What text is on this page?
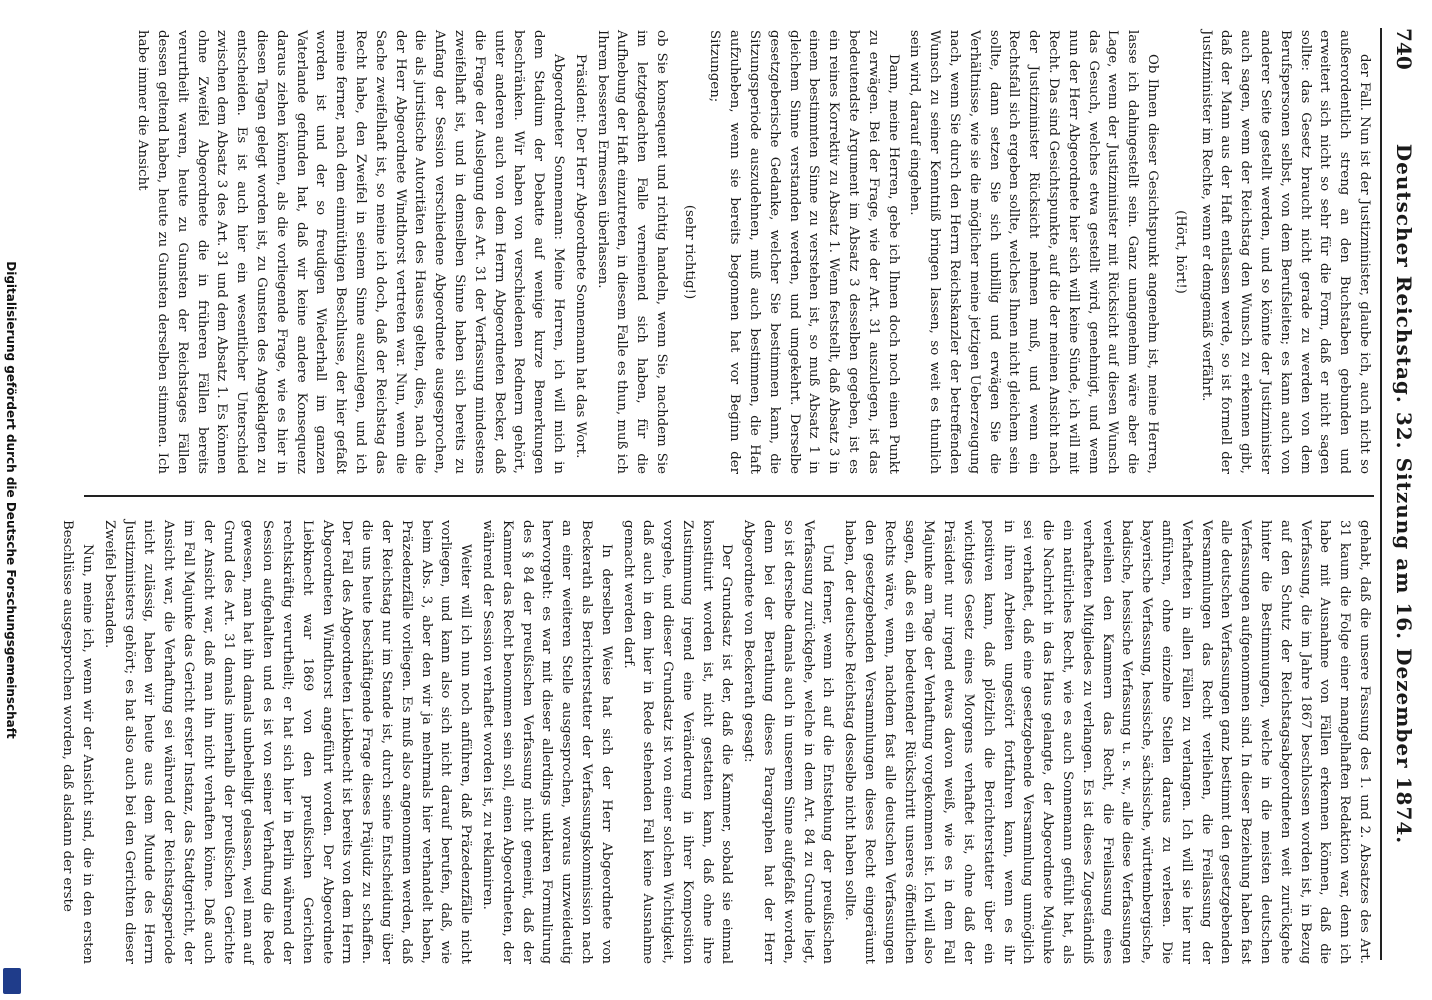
740
Deutscher Reichstag. 32. Sitzung am 16. Dezember 1874.

der Fall. Nun ist der Justizminister, glaube ich, auch nicht so außerordentlich streng an den Buchstaben gebunden und erweitert sich nicht so sehr für die Form, daß er nicht sagen sollte: das Gesetz braucht nicht gerade zu werden von dem Berufspersonen selbst, von dem Berufsleiten; es kann auch von anderer Seite gestellt werden, und so könnte der Justizminister auch sagen, wenn der Reichstag den Wunsch zu erkennen gibt, daß der Mann aus der Haft entlassen werde, so ist formell der Justizminister im Rechte, wenn er demgemäß verfährt.

(Hört, hört!)

Ob Ihnen dieser Gesichtspunkt angenehm ist, meine Herren, lasse ich dahingestellt sein. Ganz unangenehm wäre aber die Lage, wenn der Justizminister mit Rücksicht auf diesen Wunsch das Gesuch, welches etwa gestellt wird, genehmigt, und wenn nun der Herr Abgeordnete hier sich will keine Sünde, ich will mit Recht. Das sind Gesichtspunkte, auf die der meinen Ansicht nach der Justizminister Rücksicht nehmen muß, und wenn ein Rechtsfall sich ergeben sollte, welches Ihnen nicht gleichem sein sollte, dann setzen Sie sich unbillig und erwägen Sie die Verhältnisse, wie sie die möglicher meine jetzigen Ueberzeugung nach, wenn Sie durch den Herrn Reichskanzler der betreffenden Wunsch zu seiner Kenntniß bringen lassen, so weit es thunlich sein wird, darauf eingehen.

Dann, meine Herren, gebe ich Ihnen doch noch einen Punkt zu erwägen. Bei der Frage, wie der Art. 31 auszulegen, ist das bedeutendste Argument im Absatz 3 desselben gegeben, ist es ein reines Korrektiv zu Absatz 1. Wenn feststellt, daß Absatz 3 in einem bestimmten Sinne zu verstehen ist, so muß Absatz 1 in gleichem Sinne verstanden werden, und umgekehrt. Derselbe gesetzgeberische Gedanke, welcher Sie bestimmen kann, die Sitzungsperiode auszudehnen, muß auch bestimmen, die Haft aufzuheben, wenn sie bereits begonnen hat vor Beginn der Sitzungen;

(sehr richtig!)

ob Sie konsequent und richtig handeln, wenn Sie, nachdem Sie im letztgedachten Falle verneinend sich haben, für die Aufhebung der Haft einzutreten, in diesem Falle es thun, muß ich Ihrem besseren Ermessen überlassen.

Präsident: Der Herr Abgeordnete Sonnemann hat das Wort.

Abgeordneter Sonnemann: Meine Herren, ich will mich in dem Stadium der Debatte auf wenige kurze Bemerkungen beschränken. Wir haben von verschiedenen Rednern gehört, unter anderen auch von dem Herrn Abgeordneten Becker, daß die Frage der Auslegung des Art. 31 der Verfassung mindestens zweifelhaft ist, und in demselben Sinne haben sich bereits zu Anfang der Session verschiedene Abgeordnete ausgesprochen, die als juristische Autoritäten des Hauses gelten, dies, nach die der Herr Abgeordnete Windthorst vertreten war. Nun, wenn die Sache zweifelhaft ist, so meine ich doch, daß der Reichstag das Recht habe, den Zweifel in seinem Sinne auszulegen, und ich meine ferner, nach dem einmüthigen Beschlusse, der hier gefaßt worden ist und der so freudigen Wiederhall im ganzen Vaterlande gefunden hat, daß wir keine andere Konsequenz daraus ziehen können, als die vorliegende Frage, wie es hier in diesen Tagen gelegt worden ist, zu Gunsten des Angeklagten zu entscheiden. Es ist auch hier ein wesentlicher Unterschied zwischen dem Absatz 3 des Art. 31 und dem Absatz 1. Es können ohne Zweifel Abgeordnete die in früheren Fällen bereits verurtheilt waren, heute zu Gunsten der Reichstages Fällen dessen geltend haben, heute zu Gunsten derselben stimmen. Ich habe immer die Ansicht

gehabt, daß die unsere Fassung des 1. und 2. Absatzes des Art. 31 kaum die Folge einer mangelhaften Redaktion war, denn ich habe mit Ausnahme von Fällen erkennen können, daß die Verfassung, die im Jahre 1867 beschlossen worden ist, in Bezug auf den Schutz der Reichstagsabgeordneten weit zurückgehe hinter die Bestimmungen, welche in die meisten deutschen Verfassungen aufgenommen sind. In dieser Beziehung haben fast alle deutschen Verfassungen ganz bestimmt den gesetzgebenden Versammlungen das Recht verliehen, die Freilassung der Verhafteten in allen Fällen zu verlangen. Ich will sie hier nur anführen, ohne einzelne Stellen daraus zu verlesen. Die bayerische Verfassung, hessische, sächsische, württembergische, badische, hessische Verfassung u. s. w., alle diese Verfassungen verleihen den Kammern das Recht, die Freilassung eines verhafteten Mitgliedes zu verlangen. Es ist dieses Zugeständniß ein natürliches Recht, wie es auch Sonnemann gefühlt hat, als die Nachricht in das Haus gelangte, der Abgeordnete Majunke sei verhaftet, daß eine gesetzgebende Versammlung unmöglich in ihren Arbeiten ungestört fortfahren kann, wenn es ihr positiven kann, daß plötzlich die Berichterstatter über ein wichtiges Gesetz eines Morgens verhaftet ist, ohne daß der Präsident nur irgend etwas davon weiß, wie es in dem Fall Majunke am Tage der Verhaftung vorgekommen ist. Ich will also sagen, daß es ein bedeutender Rückschritt unseres öffentlichen Rechts wäre, wenn, nachdem fast alle deutschen Verfassungen den gesetzgebenden Versammlungen dieses Recht eingeräumt haben, der deutsche Reichstag desselbe nicht haben sollte.

Und ferner, wenn ich auf die Entstehung der preußischen Verfassung zurückgehe, welche in dem Art. 84 zu Grunde liegt, so ist derselbe damals auch in unserem Sinne aufgefaßt worden, denn bei der Berathung dieses Paragraphen hat der Herr Abgeordnete von Beckerath gesagt:

Der Grundsatz ist der, daß die Kammer, sobald sie einmal konstituirt worden ist, nicht gestatten kann, daß ohne ihre Zustimmung irgend eine Veränderung in ihrer Komposition vorgehe, und dieser Grundsatz ist von einer solchen Wichtigkeit, daß auch in dem hier in Rede stehenden Fall keine Ausnahme gemacht werden darf.

In derselben Weise hat sich der Herr Abgeordnete von Beckerath als Berichterstatter der Verfassungskommission nach an einer weiteren Stelle ausgesprochen, woraus unzweideutig hervorgeht: es war mit dieser allerdings unklaren Formulirung des § 84 der preußischen Verfassung nicht gemeint, daß der Kammer das Recht benommen sein soll, einen Abgeordneten, der während der Session verhaftet worden ist, zu reklamiren.

Weiter will ich nun noch anführen, daß Präzedenzfälle nicht vorliegen, und kann also sich nicht darauf berufen, daß, wie beim Abs. 3, aber den wir ja mehrmals hier verhandelt haben, Präzedenzfälle vorliegen. Es muß also angenommen werden, daß der Reichstag nur im Stande ist, durch seine Entscheidung über die uns heute beschäftigende Frage dieses Präjudiz zu schaffen. Der Fall des Abgeordneten Liebknecht ist bereits von dem Herrn Abgeordneten Windthorst angeführt worden. Der Abgeordnete Liebknecht war 1869 von den preußischen Gerichten rechtskräftig verurtheilt; er hat sich hier in Berlin während der Session aufgehalten und es ist von seiner Verhaftung die Rede gewesen, man hat ihn damals unbehelligt gelassen, weil man auf Grund des Art. 31 damals innerhalb der preußischen Gerichte der Ansicht war, daß man ihn nicht verhaften könne. Daß auch im Fall Majunke das Gericht erster Instanz, das Stadtgericht, der Ansicht war, die Verhaftung sei während der Reichstagsperiode nicht zulässig, haben wir heute aus dem Munde des Herrn Justizministers gehört; es hat also auch bei den Gerichten dieser Zweifel bestanden.

Nun, meine ich, wenn wir der Ansicht sind, die in den ersten Beschlüsse ausgesprochen worden, daß alsdann der erste

Digitalisierung gefördert durch die Deutsche Forschungsgemeinschaft
